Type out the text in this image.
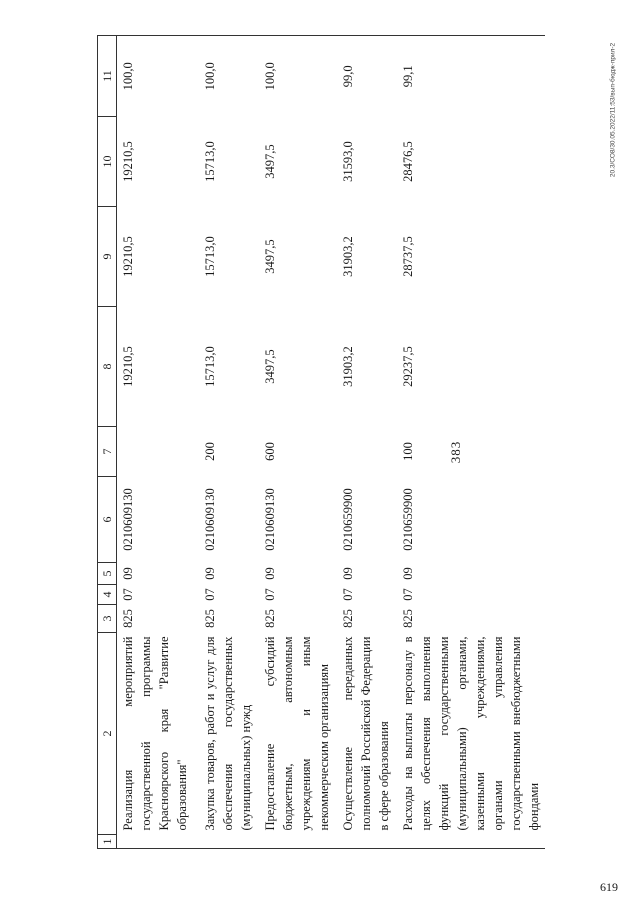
383
20.3/СО8/30.05.2022/11:53/вып-бюдж-прил-2
619
1	2	3	4	5	6	7	8	9	10	11
	Реализация мероприятий государственной программы Красноярского края "Развитие образования"	825	07	09	0210609130		19210,5	19210,5	19210,5	100,0
	Закупка товаров, работ и услуг для обеспечения государственных (муниципальных) нужд	825	07	09	0210609130	200	15713,0	15713,0	15713,0	100,0
	Предоставление субсидий бюджетным, автономным учреждениям и иным некоммерческим организациям	825	07	09	0210609130	600	3497,5	3497,5	3497,5	100,0
	Осуществление переданных полномочий Российской Федерации в сфере образования	825	07	09	0210659900		31903,2	31903,2	31593,0	99,0
	Расходы на выплаты персоналу в целях обеспечения выполнения функций государственными (муниципальными) органами, казенными учреждениями, органами управления государственными внебюджетными фондами	825	07	09	0210659900	100	29237,5	28737,5	28476,5	99,1
